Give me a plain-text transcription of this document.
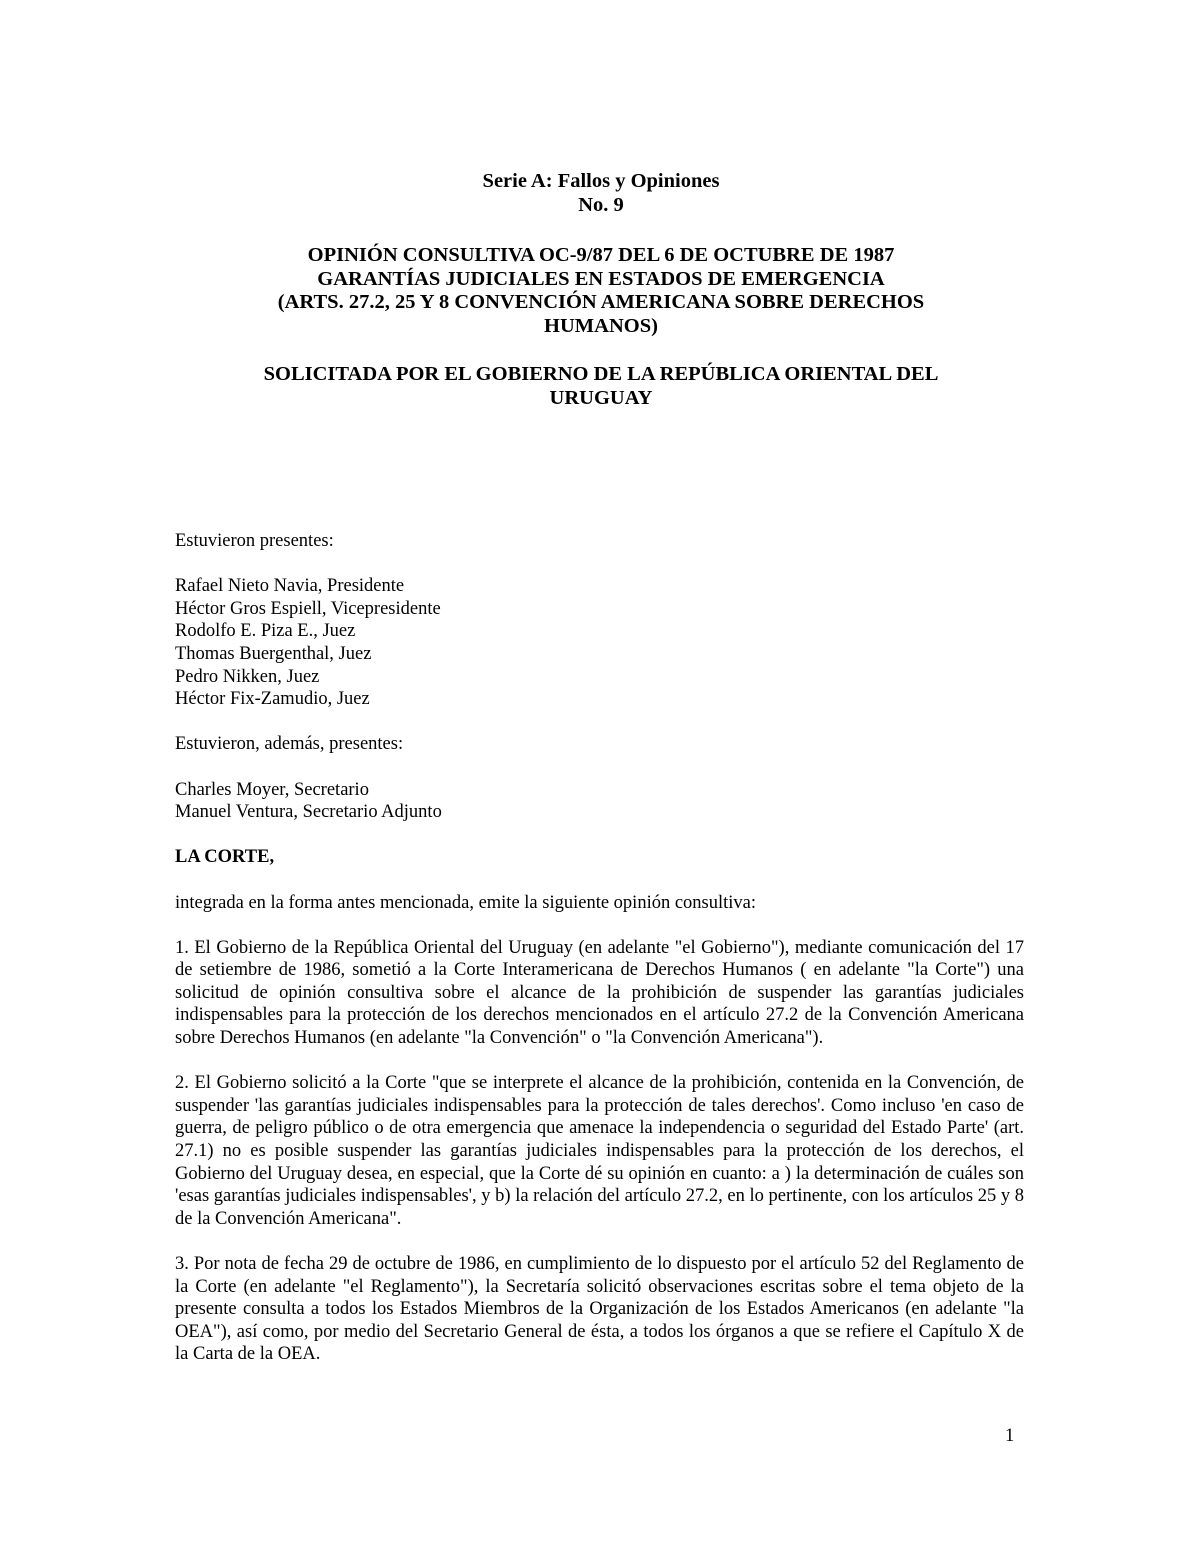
Serie A: Fallos y Opiniones

No. 9

OPINIÓN CONSULTIVA OC-9/87 DEL 6 DE OCTUBRE DE 1987

GARANTÍAS JUDICIALES EN ESTADOS DE EMERGENCIA

(ARTS. 27.2, 25 Y 8 CONVENCIÓN AMERICANA SOBRE DERECHOS

HUMANOS)

SOLICITADA POR EL GOBIERNO DE LA REPÚBLICA ORIENTAL DEL

URUGUAY

Estuvieron presentes:

Rafael Nieto Navia, Presidente

Héctor Gros Espiell, Vicepresidente

Rodolfo E. Piza E., Juez

Thomas Buergenthal, Juez

Pedro Nikken, Juez

Héctor Fix-Zamudio, Juez

Estuvieron, además, presentes:

Charles Moyer, Secretario

Manuel Ventura, Secretario Adjunto

LA CORTE,

integrada en la forma antes mencionada, emite la siguiente opinión consultiva:

1. El Gobierno de la República Oriental del Uruguay (en adelante "el Gobierno"), mediante comunicación del 17 de setiembre de 1986, sometió a la Corte Interamericana de Derechos Humanos ( en adelante "la Corte") una solicitud de opinión consultiva sobre el alcance de la prohibición de suspender las garantías judiciales indispensables para la protección de los derechos mencionados en el artículo 27.2 de la Convención Americana sobre Derechos Humanos (en adelante "la Convención" o "la Convención Americana").

2. El Gobierno solicitó a la Corte "que se interprete el alcance de la prohibición, contenida en la Convención, de suspender 'las garantías judiciales indispensables para la protección de tales derechos'. Como incluso 'en caso de guerra, de peligro público o de otra emergencia que amenace la independencia o seguridad del Estado Parte' (art. 27.1) no es posible suspender las garantías judiciales indispensables para la protección de los derechos, el Gobierno del Uruguay desea, en especial, que la Corte dé su opinión en cuanto: a ) la determinación de cuáles son 'esas garantías judiciales indispensables', y b) la relación del artículo 27.2, en lo pertinente, con los artículos 25 y 8 de la Convención Americana".

3. Por nota de fecha 29 de octubre de 1986, en cumplimiento de lo dispuesto por el artículo 52 del Reglamento de la Corte (en adelante "el Reglamento"), la Secretaría solicitó observaciones escritas sobre el tema objeto de la presente consulta a todos los Estados Miembros de la Organización de los Estados Americanos (en adelante "la OEA"), así como, por medio del Secretario General de ésta, a todos los órganos a que se refiere el Capítulo X de la Carta de la OEA.

1
